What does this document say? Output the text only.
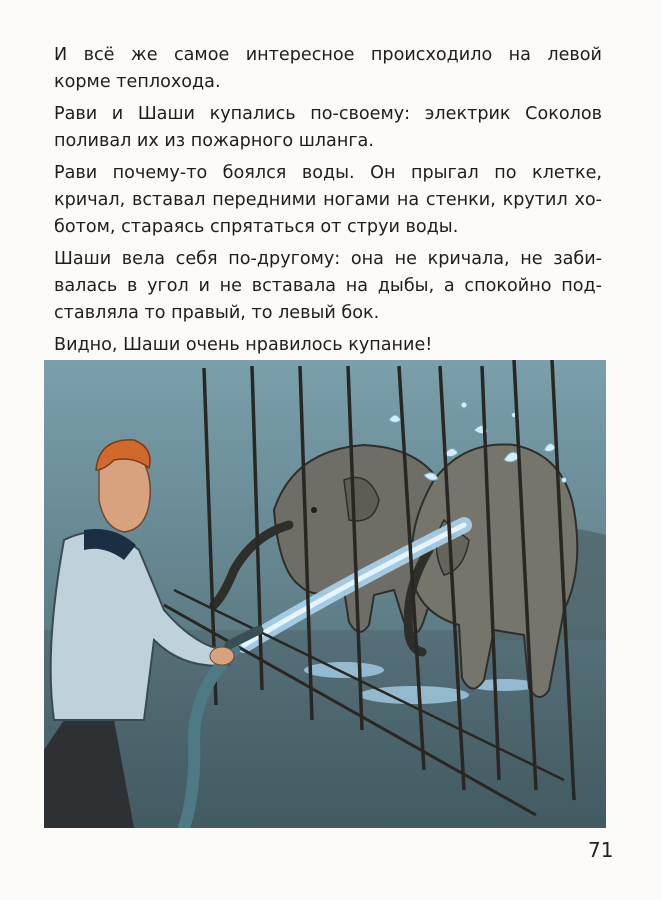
И всё же самое интересное происходило на левой
корме теплохода.
Рави и Шаши купались по-своему: электрик Соколов
поливал их из пожарного шланга.
Рави почему-то боялся воды. Он прыгал по клетке,
кричал, вставал передними ногами на стенки, крутил хо-
ботом, стараясь спрятаться от струи воды.
Шаши вела себя по-другому: она не кричала, не заби-
валась в угол и не вставала на дыбы, а спокойно под-
ставляла то правый, то левый бок.
Видно, Шаши очень нравилось купание!
71
